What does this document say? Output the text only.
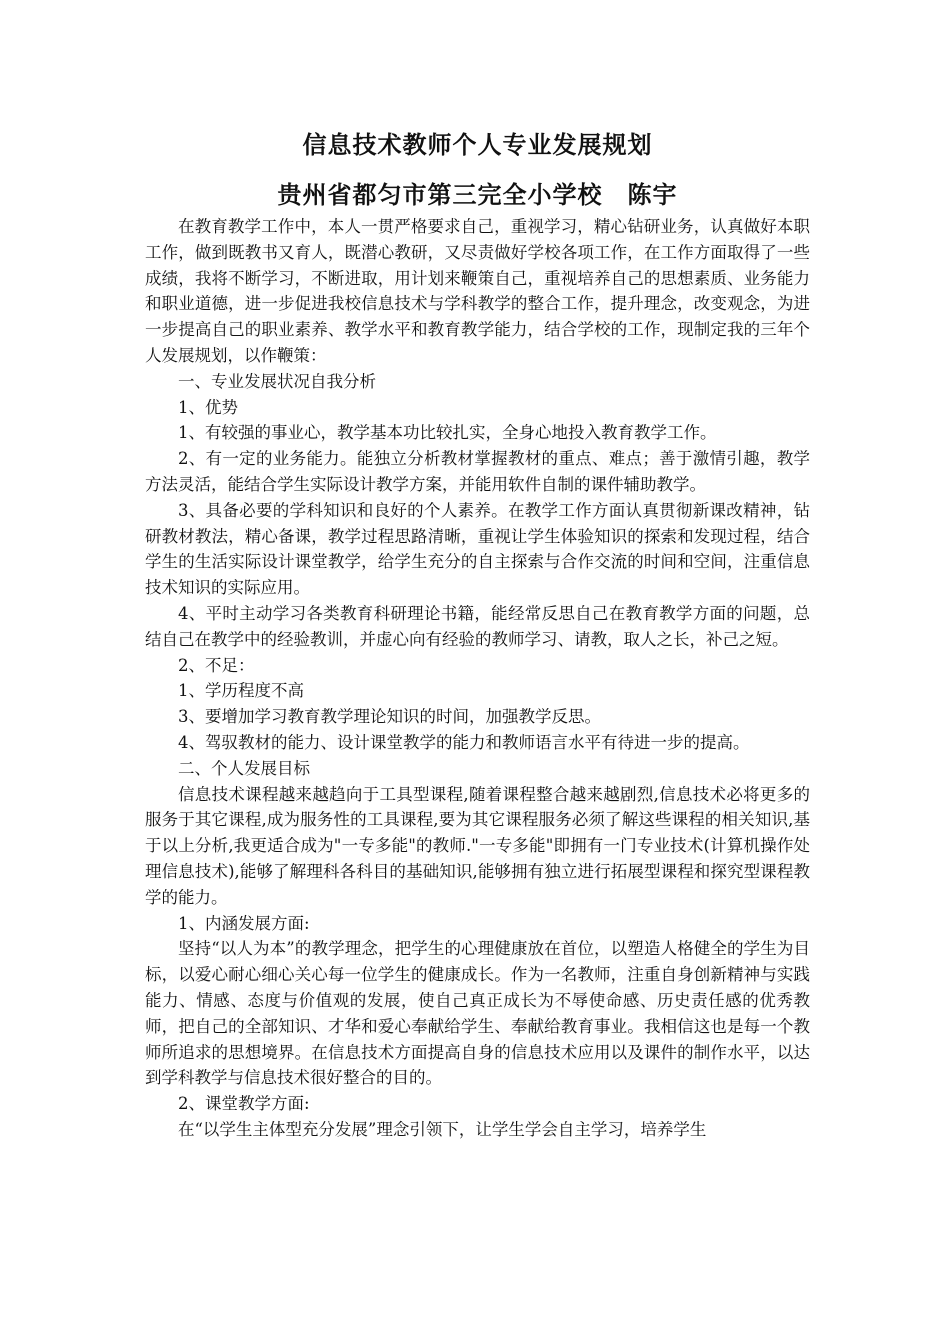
信息技术教师个人专业发展规划
贵州省都匀市第三完全小学校　陈宇

在教育教学工作中，本人一贯严格要求自己，重视学习，精心钻研业务，认真做好本职工作，做到既教书又育人，既潜心教研，又尽责做好学校各项工作，在工作方面取得了一些成绩，我将不断学习，不断进取，用计划来鞭策自己，重视培养自己的思想素质、业务能力和职业道德，进一步促进我校信息技术与学科教学的整合工作，提升理念，改变观念，为进一步提高自己的职业素养、教学水平和教育教学能力，结合学校的工作，现制定我的三年个人发展规划，以作鞭策：

一、专业发展状况自我分析

1、优势

1、有较强的事业心，教学基本功比较扎实，全身心地投入教育教学工作。

2、有一定的业务能力。能独立分析教材掌握教材的重点、难点；善于激情引趣，教学方法灵活，能结合学生实际设计教学方案，并能用软件自制的课件辅助教学。

3、具备必要的学科知识和良好的个人素养。在教学工作方面认真贯彻新课改精神，钻研教材教法，精心备课，教学过程思路清晰，重视让学生体验知识的探索和发现过程，结合学生的生活实际设计课堂教学，给学生充分的自主探索与合作交流的时间和空间，注重信息技术知识的实际应用。

4、平时主动学习各类教育科研理论书籍，能经常反思自己在教育教学方面的问题，总结自己在教学中的经验教训，并虚心向有经验的教师学习、请教，取人之长，补己之短。

2、不足：

1、学历程度不高

3、要增加学习教育教学理论知识的时间，加强教学反思。

4、驾驭教材的能力、设计课堂教学的能力和教师语言水平有待进一步的提高。

二、个人发展目标

信息技术课程越来越趋向于工具型课程,随着课程整合越来越剧烈,信息技术必将更多的服务于其它课程,成为服务性的工具课程,要为其它课程服务必须了解这些课程的相关知识,基于以上分析,我更适合成为"一专多能"的教师."一专多能"即拥有一门专业技术(计算机操作处理信息技术),能够了解理科各科目的基础知识,能够拥有独立进行拓展型课程和探究型课程教学的能力。

1、内涵发展方面:

坚持“以人为本”的教学理念，把学生的心理健康放在首位，以塑造人格健全的学生为目标，以爱心耐心细心关心每一位学生的健康成长。作为一名教师，注重自身创新精神与实践能力、情感、态度与价值观的发展，使自己真正成长为不辱使命感、历史责任感的优秀教师，把自己的全部知识、才华和爱心奉献给学生、奉献给教育事业。我相信这也是每一个教师所追求的思想境界。在信息技术方面提高自身的信息技术应用以及课件的制作水平，以达到学科教学与信息技术很好整合的目的。

2、课堂教学方面:

在“以学生主体型充分发展”理念引领下，让学生学会自主学习，培养学生
